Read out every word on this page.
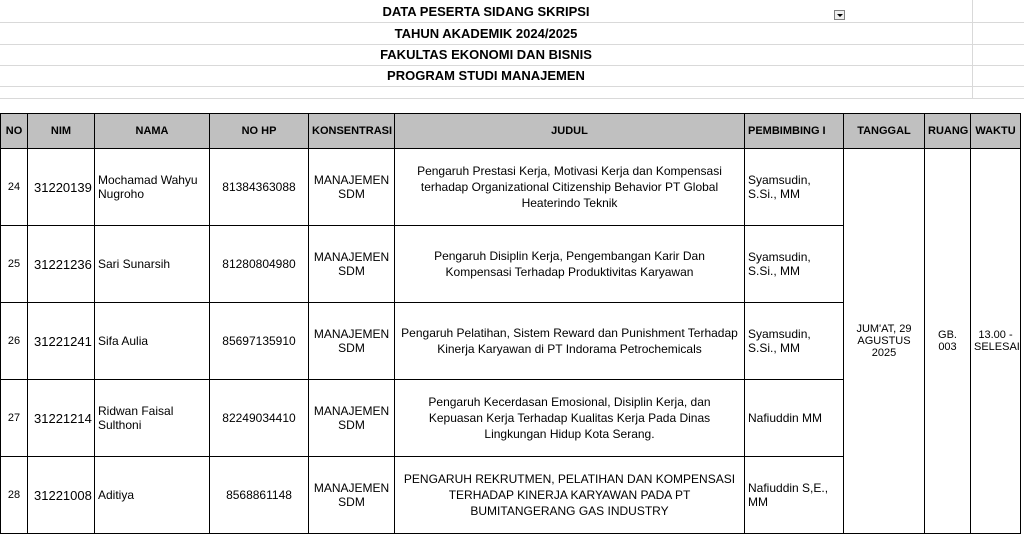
DATA PESERTA SIDANG SKRIPSI
TAHUN AKADEMIK 2024/2025
FAKULTAS EKONOMI DAN BISNIS
PROGRAM STUDI MANAJEMEN
NO	NIM	NAMA	NO HP	KONSENTRASI	JUDUL	PEMBIMBING I	TANGGAL	RUANG	WAKTU
24	31220139	Mochamad Wahyu Nugroho	81384363088	MANAJEMEN SDM	Pengaruh Prestasi Kerja, Motivasi Kerja dan Kompensasi terhadap Organizational Citizenship Behavior PT Global Heaterindo Teknik	Syamsudin, S.Si., MM	JUM'AT, 29 AGUSTUS 2025	GB. 003	13.00 - SELESAI
25	31221236	Sari Sunarsih	81280804980	MANAJEMEN SDM	Pengaruh Disiplin Kerja, Pengembangan Karir Dan Kompensasi Terhadap Produktivitas Karyawan	Syamsudin, S.Si., MM			
26	31221241	Sifa Aulia	85697135910	MANAJEMEN SDM	Pengaruh Pelatihan, Sistem Reward dan Punishment Terhadap Kinerja Karyawan di PT Indorama Petrochemicals	Syamsudin, S.Si., MM			
27	31221214	Ridwan Faisal Sulthoni	82249034410	MANAJEMEN SDM	Pengaruh Kecerdasan Emosional, Disiplin Kerja, dan Kepuasan Kerja Terhadap Kualitas Kerja Pada Dinas Lingkungan Hidup Kota Serang.	Nafiuddin MM			
28	31221008	Aditiya	8568861148	MANAJEMEN SDM	PENGARUH REKRUTMEN, PELATIHAN DAN KOMPENSASI TERHADAP KINERJA KARYAWAN PADA PT BUMITANGERANG GAS INDUSTRY	Nafiuddin S,E., MM			
